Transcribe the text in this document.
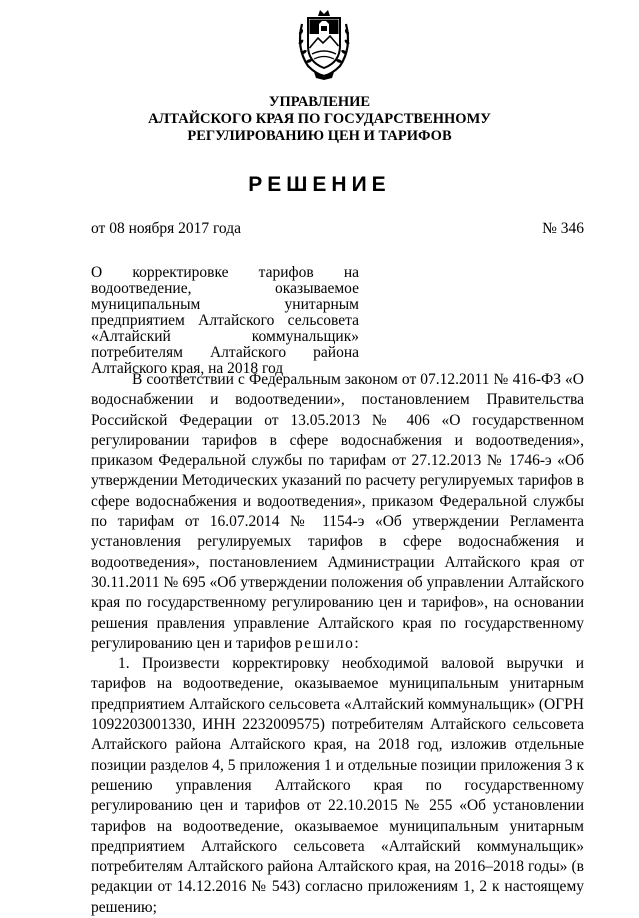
УПРАВЛЕНИЕ
АЛТАЙСКОГО КРАЯ ПО ГОСУДАРСТВЕННОМУ
РЕГУЛИРОВАНИЮ ЦЕН И ТАРИФОВ
РЕШЕНИЕ
от 08 ноября 2017 года	№ 346
О корректировке тарифов на водоотведение, оказываемое муниципальным унитарным предприятием Алтайского сельсовета «Алтайский коммунальщик» потребителям Алтайского района Алтайского края, на 2018 год

В соответствии с Федеральным законом от 07.12.2011 № 416-ФЗ «О водоснабжении и водоотведении», постановлением Правительства Российской Федерации от 13.05.2013 № 406 «О государственном регулировании тарифов в сфере водоснабжения и водоотведения», приказом Федеральной службы по тарифам от 27.12.2013 № 1746-э «Об утверждении Методических указаний по расчету регулируемых тарифов в сфере водоснабжения и водоотведения», приказом Федеральной службы по тарифам от 16.07.2014 № 1154-э «Об утверждении Регламента установления регулируемых тарифов в сфере водоснабжения и водоотведения», постановлением Администрации Алтайского края от 30.11.2011 № 695 «Об утверждении положения об управлении Алтайского края по государственному регулированию цен и тарифов», на основании решения правления управление Алтайского края по государственному регулированию цен и тарифов решило:

1. Произвести корректировку необходимой валовой выручки и тарифов на водоотведение, оказываемое муниципальным унитарным предприятием Алтайского сельсовета «Алтайский коммунальщик» (ОГРН 1092203001330, ИНН 2232009575) потребителям Алтайского сельсовета Алтайского района Алтайского края, на 2018 год, изложив отдельные позиции разделов 4, 5 приложения 1 и отдельные позиции приложения 3 к решению управления Алтайского края по государственному регулированию цен и тарифов от 22.10.2015 № 255 «Об установлении тарифов на водоотведение, оказываемое муниципальным унитарным предприятием Алтайского сельсовета «Алтайский коммунальщик» потребителям Алтайского района Алтайского края, на 2016–2018 годы» (в редакции от 14.12.2016 № 543) согласно приложениям 1, 2 к настоящему решению;
